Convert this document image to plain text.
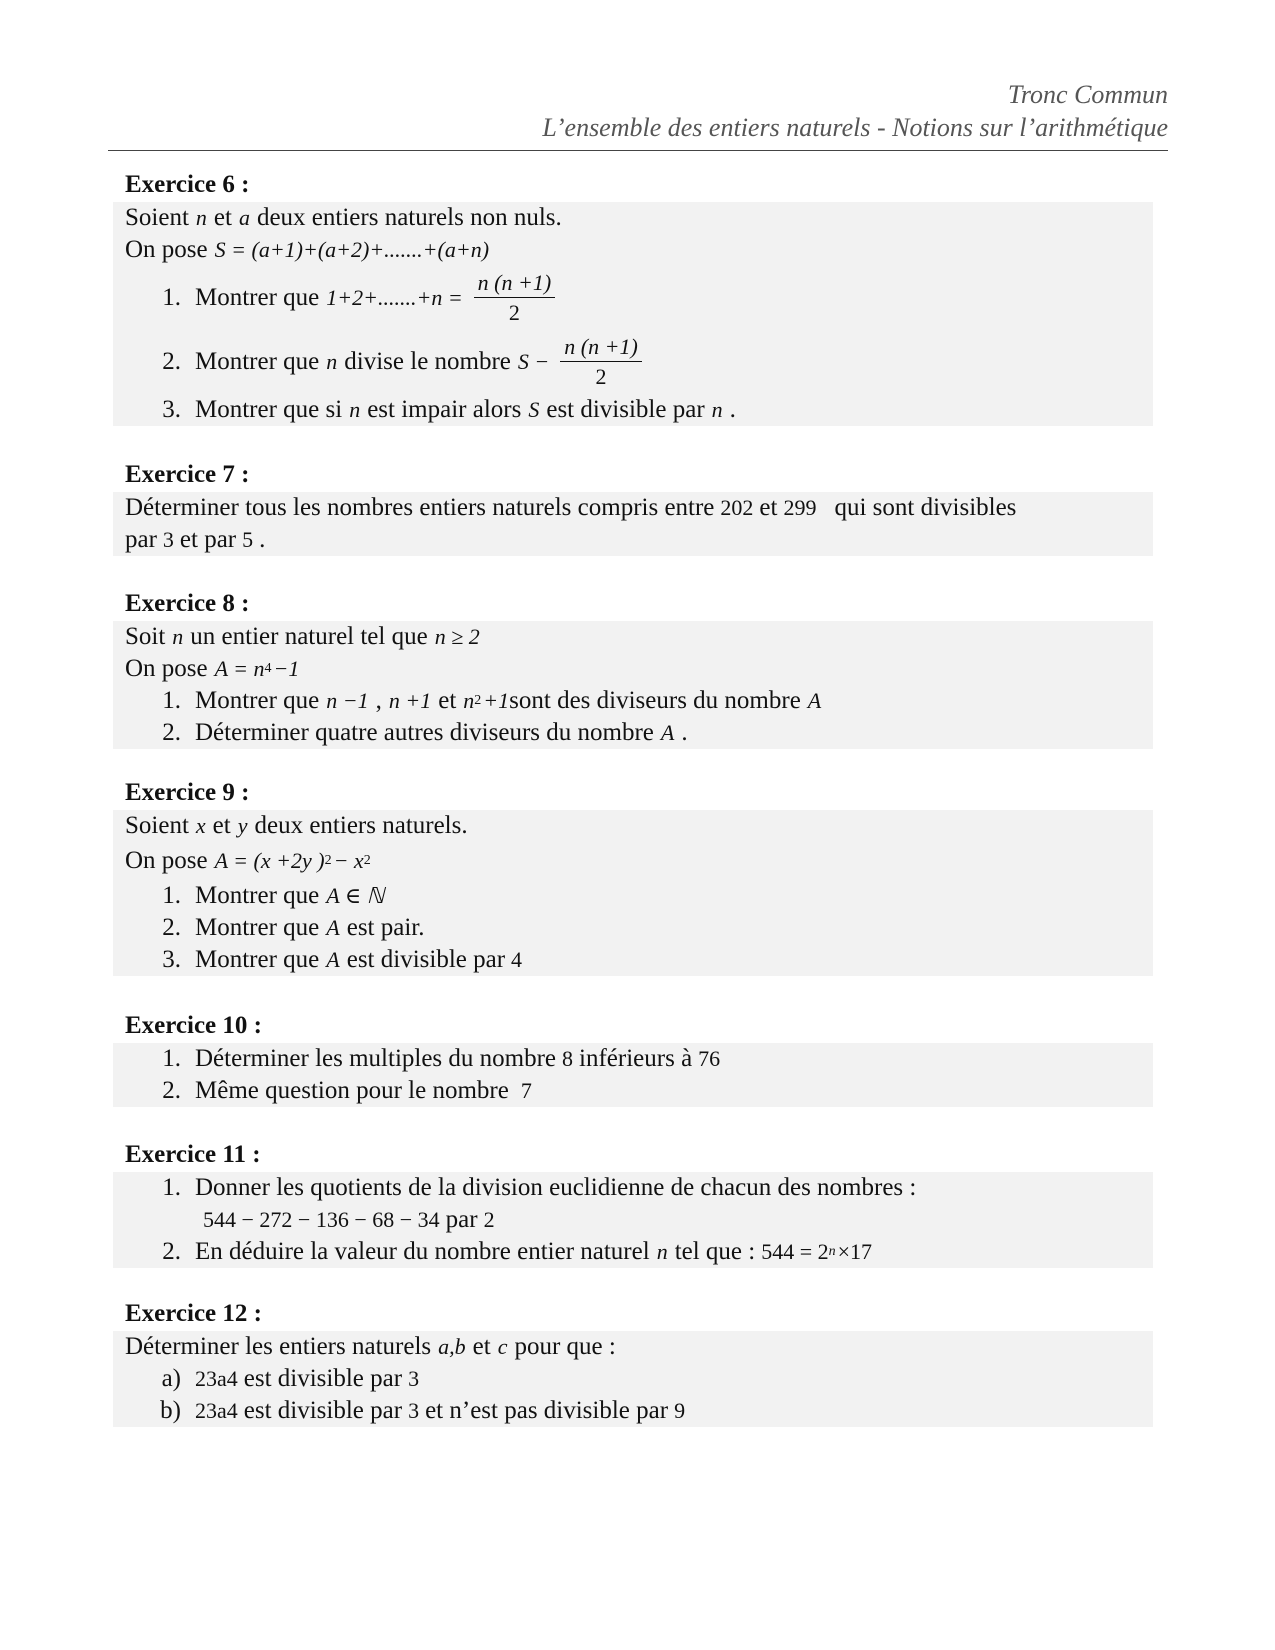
Tronc Commun
L’ensemble des entiers naturels - Notions sur l’arithmétique
Exercice 6 :
Soient n et a deux entiers naturels non nuls.
On pose S = (a+1)+(a+2)+.......+(a+n)
1. Montrer que $1+2+.......+n = \frac{n (n +1)}{2}$
2. Montrer que n divise le nombre $S - \frac{n (n +1)}{2}$
3. Montrer que si n est impair alors S est divisible par n .
Exercice 7 :
Déterminer tous les nombres entiers naturels compris entre 202 et 299 qui sont divisibles
par 3 et par 5 .
Exercice 8 :
Soit n un entier naturel tel que n ≥ 2
On pose A = n 4 −1
1. Montrer que n −1 , n +1 et n 2 +1 sont des diviseurs du nombre A
2. Déterminer quatre autres diviseurs du nombre A .
Exercice 9 :
Soient x et y deux entiers naturels.
On pose A = (x +2y ) 2 − x 2
1. Montrer que A ∈ ℕ
2. Montrer que A est pair.
3. Montrer que A est divisible par 4
Exercice 10 :
1. Déterminer les multiples du nombre 8 inférieurs à 76
2. Même question pour le nombre 7
Exercice 11 :
1. Donner les quotients de la division euclidienne de chacun des nombres :
544 − 272 − 136 − 68 − 34 par 2
2. En déduire la valeur du nombre entier naturel n tel que : 544 = 2 n ×17
Exercice 12 :
Déterminer les entiers naturels a,b et c pour que :
a) 23a4 est divisible par 3
b) 23a4 est divisible par 3 et n’est pas divisible par 9
